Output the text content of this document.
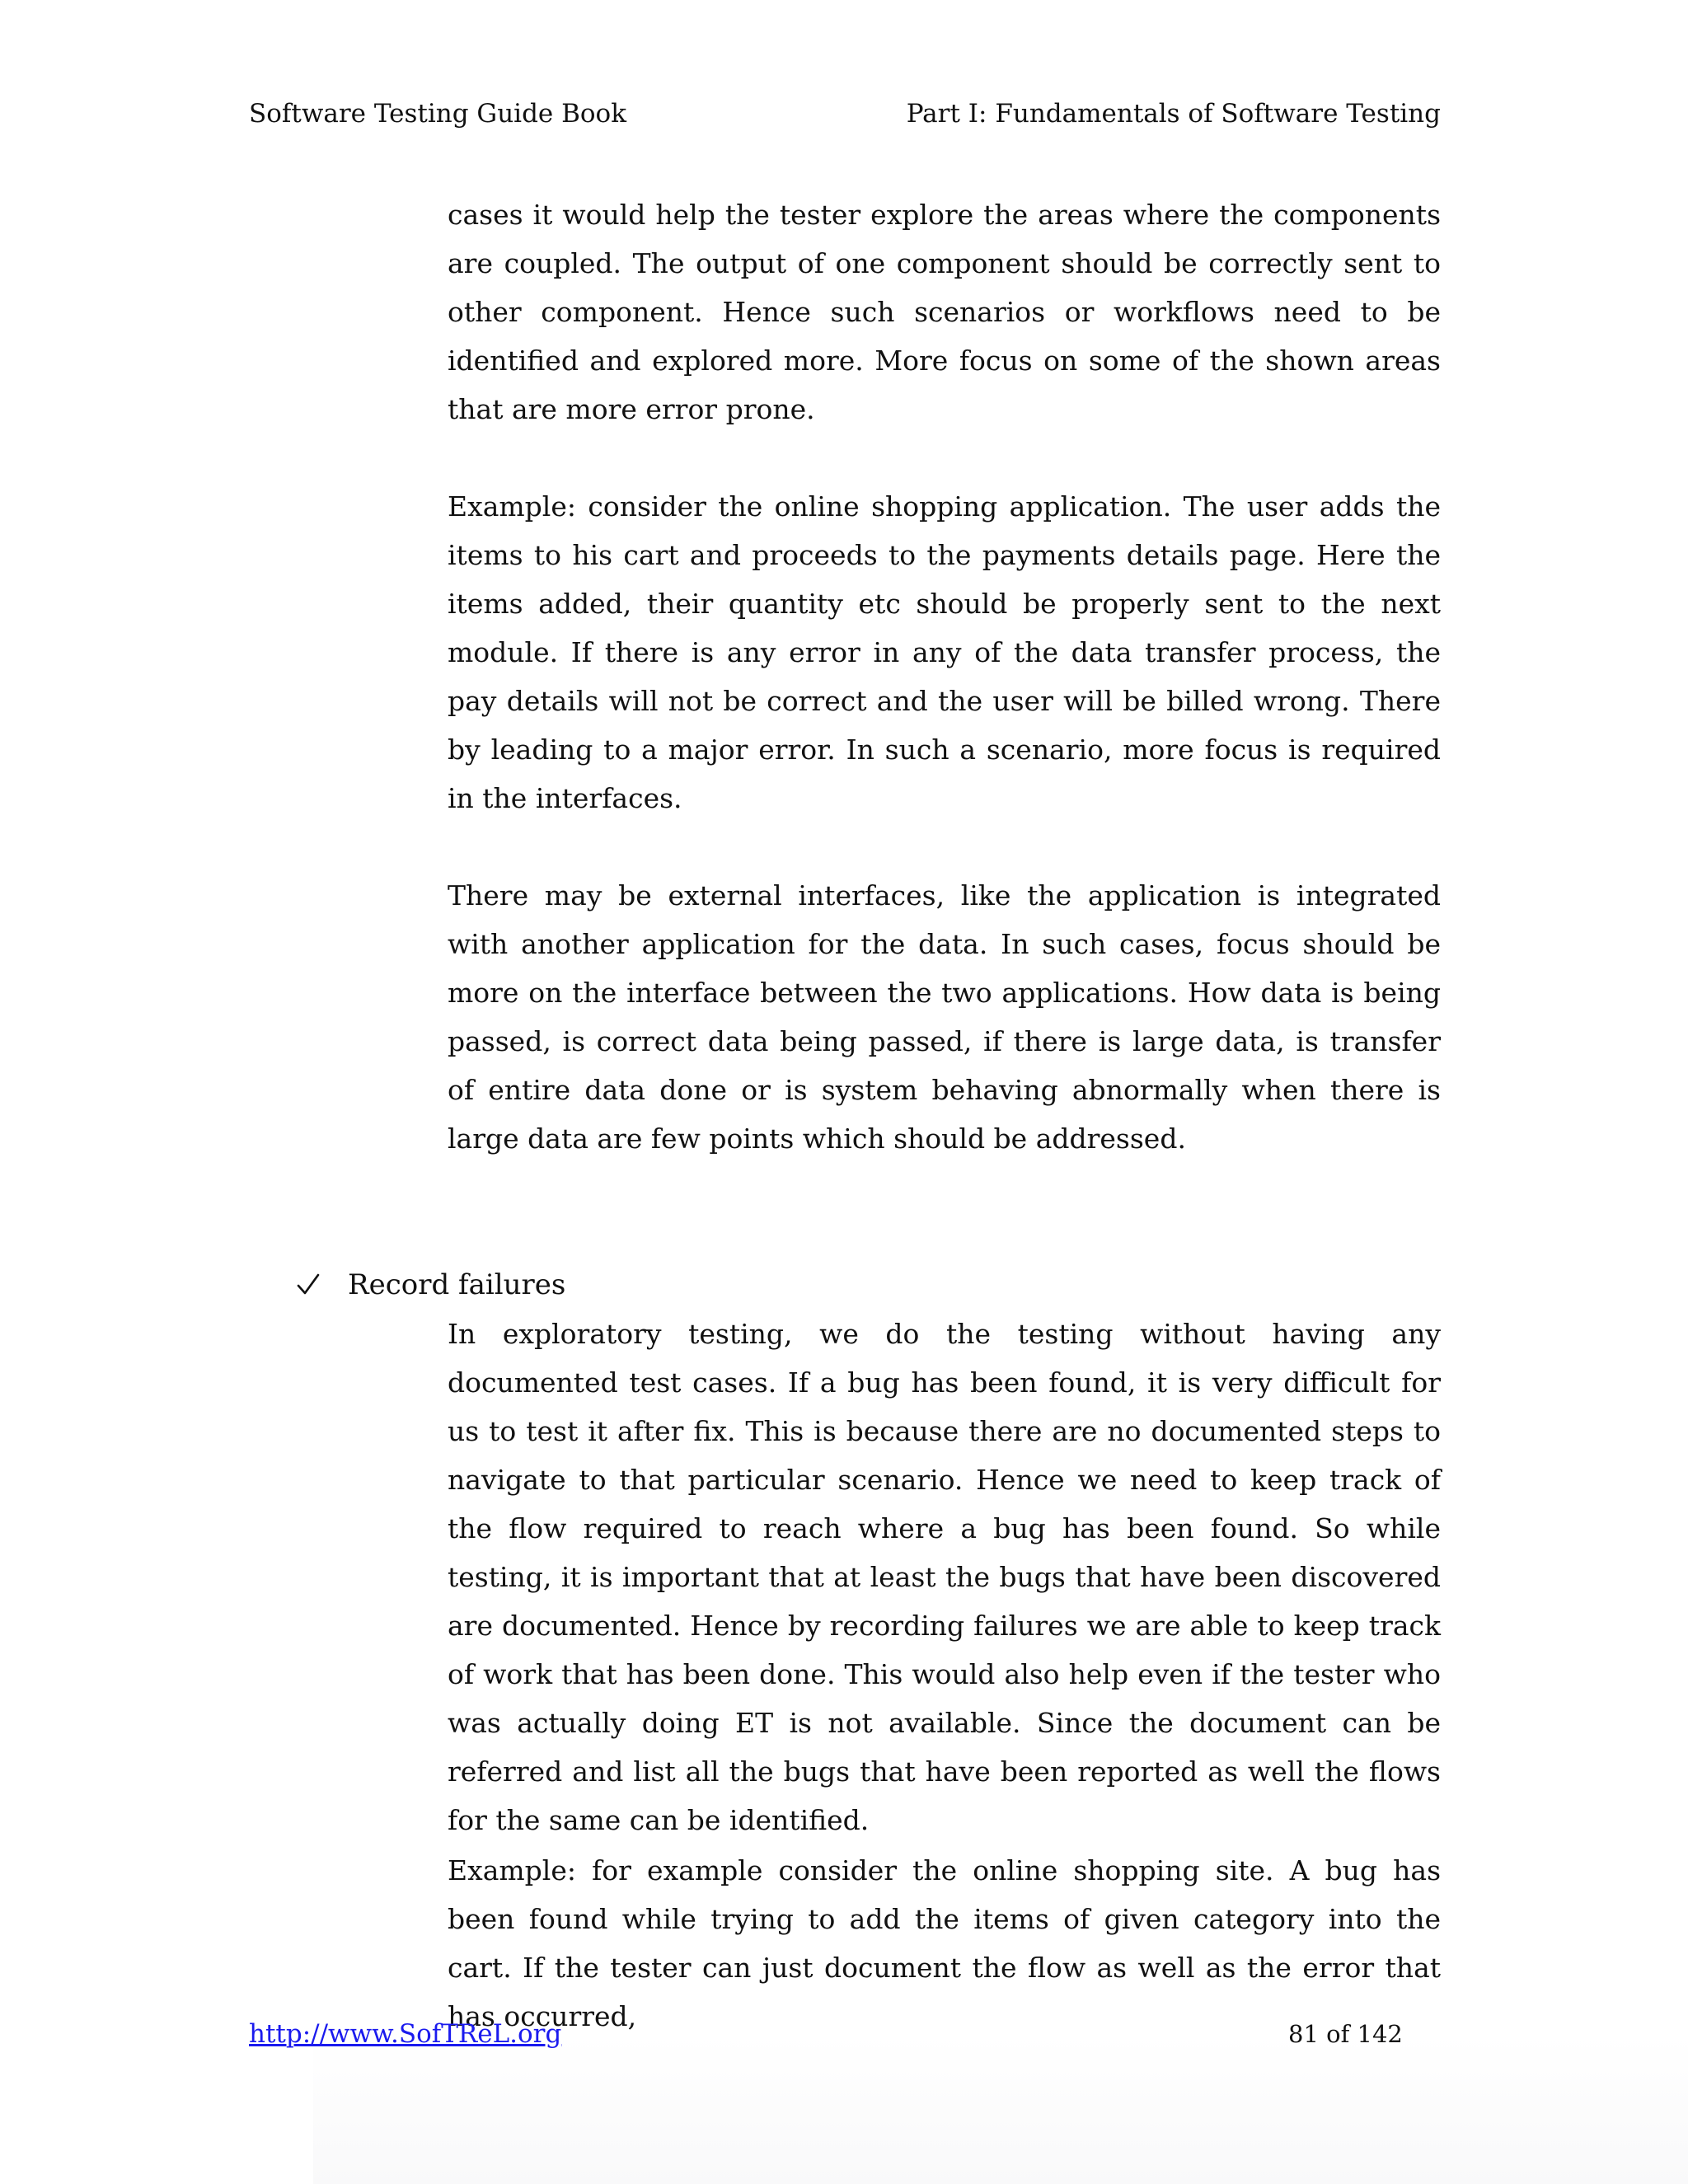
Software Testing Guide Book	Part I: Fundamentals of Software Testing

cases it would help the tester explore the areas where the components are coupled. The output of one component should be correctly sent to other component. Hence such scenarios or workflows need to be identified and explored more. More focus on some of the shown areas that are more error prone.

Example: consider the online shopping application. The user adds the items to his cart and proceeds to the payments details page. Here the items added, their quantity etc should be properly sent to the next module. If there is any error in any of the data transfer process, the pay details will not be correct and the user will be billed wrong. There by leading to a major error. In such a scenario, more focus is required in the interfaces.

There may be external interfaces, like the application is integrated with another application for the data. In such cases, focus should be more on the interface between the two applications. How data is being passed, is correct data being passed, if there is large data, is transfer of entire data done or is system behaving abnormally when there is large data are few points which should be addressed.

Record failures

In exploratory testing, we do the testing without having any documented test cases. If a bug has been found, it is very difficult for us to test it after fix. This is because there are no documented steps to navigate to that particular scenario. Hence we need to keep track of the flow required to reach where a bug has been found. So while testing, it is important that at least the bugs that have been discovered are documented. Hence by recording failures we are able to keep track of work that has been done. This would also help even if the tester who was actually doing ET is not available. Since the document can be referred and list all the bugs that have been reported as well the flows for the same can be identified.

Example: for example consider the online shopping site. A bug has been found while trying to add the items of given category into the cart. If the tester can just document the flow as well as the error that has occurred,

http://www.SofTReL.org	81 of 142
